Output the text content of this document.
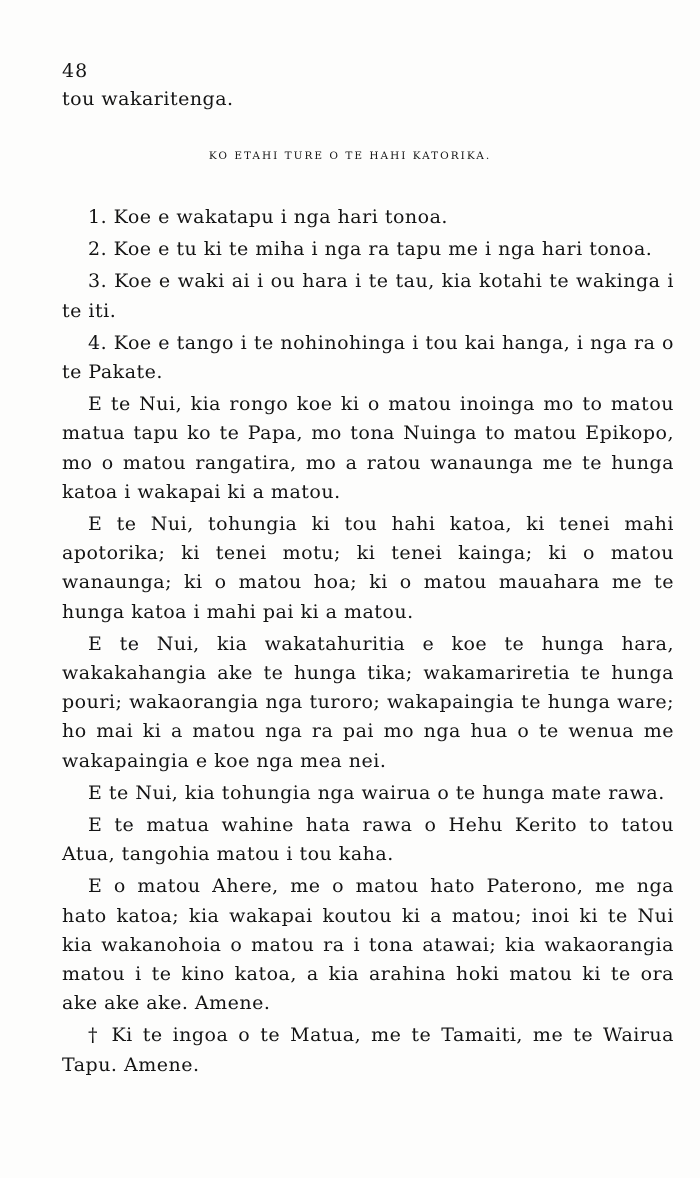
48
tou wakaritenga.
KO ETAHI TURE O TE HAHI KATORIKA.

1. Koe e wakatapu i nga hari tonoa.

2. Koe e tu ki te miha i nga ra tapu me i nga hari tonoa.

3. Koe e waki ai i ou hara i te tau, kia kotahi te wakinga i te iti.

4. Koe e tango i te nohinohinga i tou kai hanga, i nga ra o te Pakate.

E te Nui, kia rongo koe ki o matou inoinga mo to matou matua tapu ko te Papa, mo tona Nuinga to matou Epikopo, mo o matou rangatira, mo a ratou wanaunga me te hunga katoa i wakapai ki a matou.

E te Nui, tohungia ki tou hahi katoa, ki tenei mahi apotorika; ki tenei motu; ki tenei kainga; ki o matou wanaunga; ki o matou hoa; ki o matou mauahara me te hunga katoa i mahi pai ki a matou.

E te Nui, kia wakatahuritia e koe te hunga hara, wakakahangia ake te hunga tika; wakamariretia te hunga pouri; wakaorangia nga turoro; wakapaingia te hunga ware; ho mai ki a matou nga ra pai mo nga hua o te wenua me wakapaingia e koe nga mea nei.

E te Nui, kia tohungia nga wairua o te hunga mate rawa.

E te matua wahine hata rawa o Hehu Kerito to tatou Atua, tangohia matou i tou kaha.

E o matou Ahere, me o matou hato Paterono, me nga hato katoa; kia wakapai koutou ki a matou; inoi ki te Nui kia wakanohoia o matou ra i tona atawai; kia wakaorangia matou i te kino katoa, a kia arahina hoki matou ki te ora ake ake ake. Amene.

† Ki te ingoa o te Matua, me te Tamaiti, me te Wairua Tapu. Amene.
